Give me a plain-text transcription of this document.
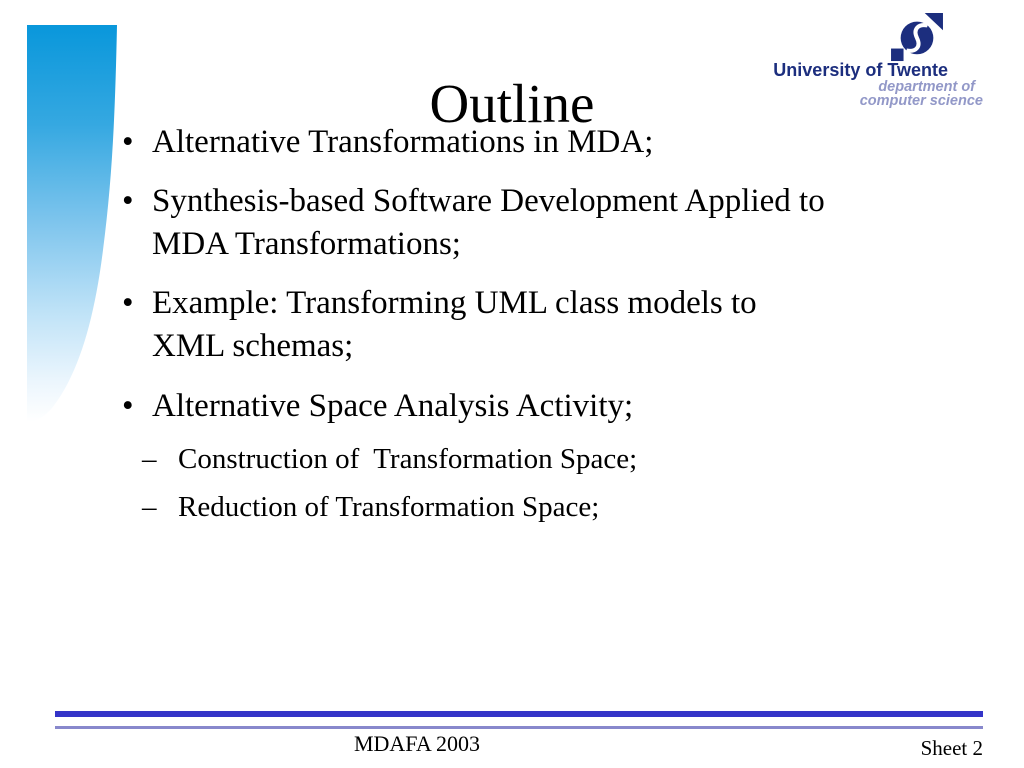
Outline
University of Twente
department of
computer science
• Alternative Transformations in MDA;
• Synthesis-based Software Development Applied to
MDA Transformations;
• Example: Transforming UML class models to
XML schemas;
• Alternative Space Analysis Activity;
– Construction of  Transformation Space;
– Reduction of Transformation Space;
MDAFA 2003	Sheet 2
